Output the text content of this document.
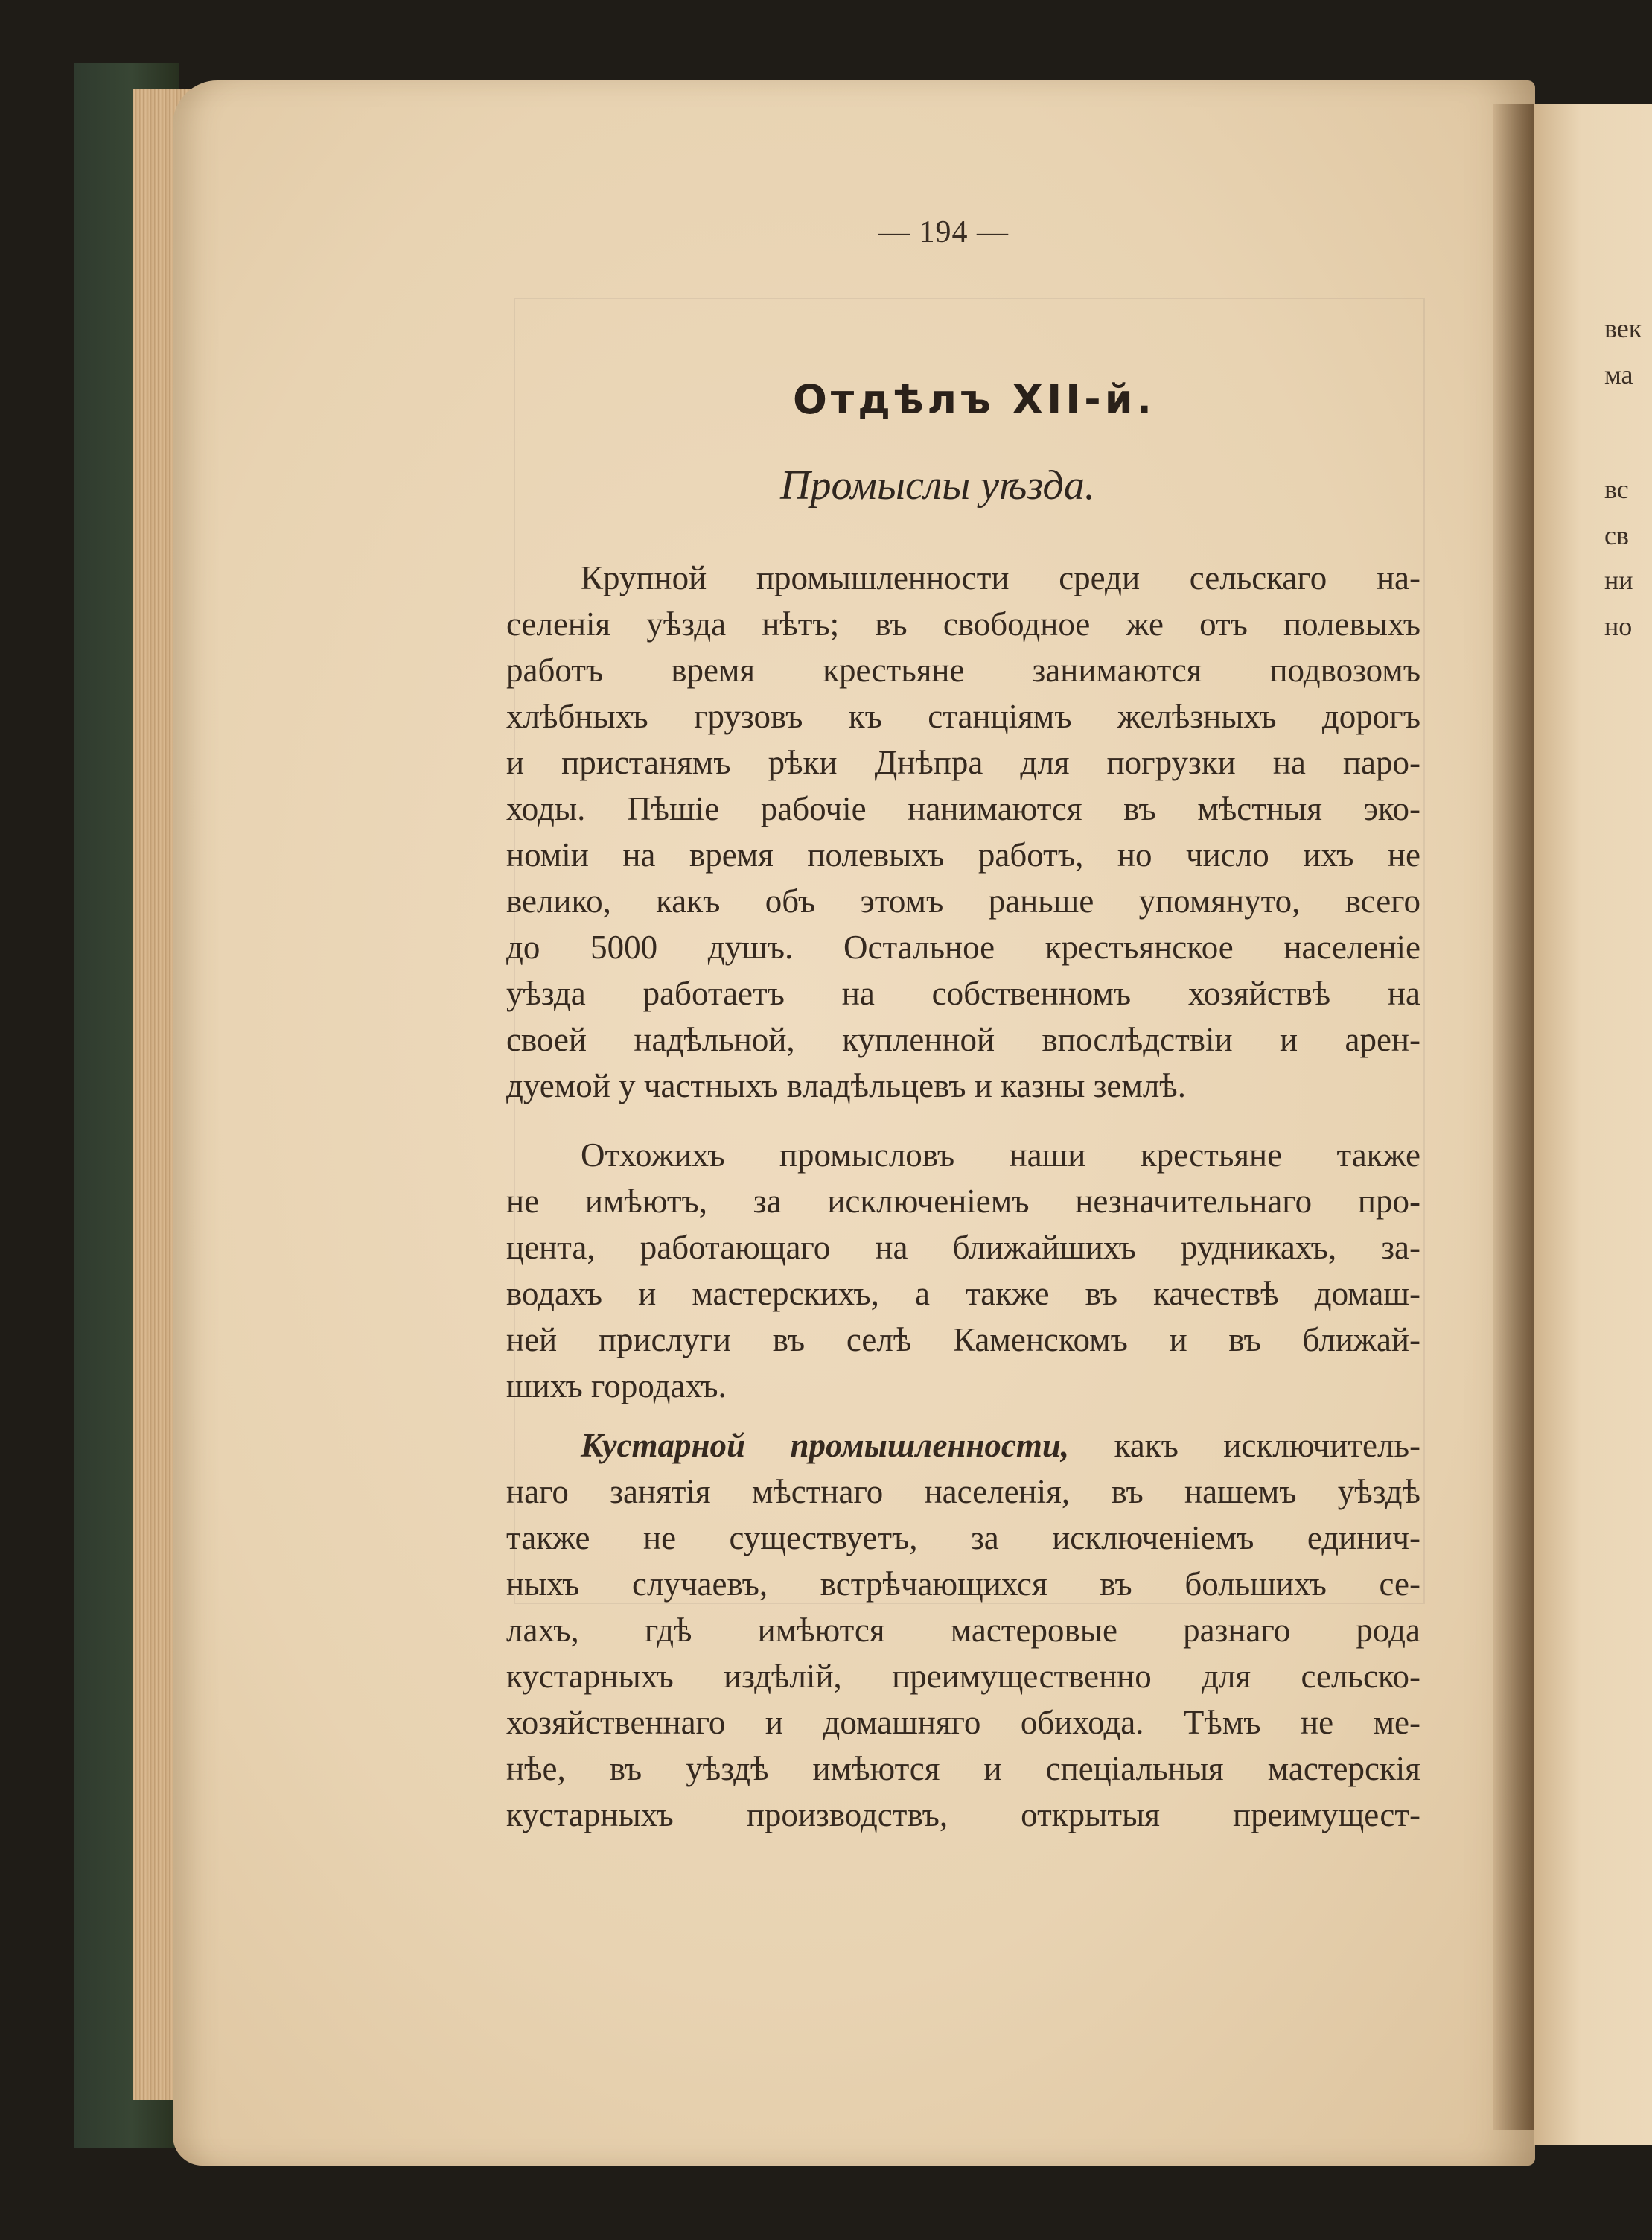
век
ма
вс
св
ни
но
— 194 —
Отдѣлъ XII-й.
Промыслы уѣзда.
Крупной промышленности среди сельскаго на-
селенія уѣзда нѣтъ; въ свободное же отъ полевыхъ
работъ время крестьяне занимаются подвозомъ
хлѣбныхъ грузовъ къ станціямъ желѣзныхъ дорогъ
и пристанямъ рѣки Днѣпра для погрузки на паро-
ходы. Пѣшіе рабочіе нанимаются въ мѣстныя эко-
номіи на время полевыхъ работъ, но число ихъ не
велико, какъ объ этомъ раньше упомянуто, всего
до 5000 душъ. Остальное крестьянское населеніе
уѣзда работаетъ на собственномъ хозяйствѣ на
своей надѣльной, купленной впослѣдствіи и арен-
дуемой у частныхъ владѣльцевъ и казны землѣ.
Отхожихъ промысловъ наши крестьяне также
не имѣютъ, за исключеніемъ незначительнаго про-
цента, работающаго на ближайшихъ рудникахъ, за-
водахъ и мастерскихъ, а также въ качествѣ домаш-
ней прислуги въ селѣ Каменскомъ и въ ближай-
шихъ городахъ.
Кустарной промышленности, какъ исключитель-
наго занятія мѣстнаго населенія, въ нашемъ уѣздѣ
также не существуетъ, за исключеніемъ единич-
ныхъ случаевъ, встрѣчающихся въ большихъ се-
лахъ, гдѣ имѣются мастеровые разнаго рода
кустарныхъ издѣлій, преимущественно для сельско-
хозяйственнаго и домашняго обихода. Тѣмъ не ме-
нѣе, въ уѣздѣ имѣются и спеціальныя мастерскія
кустарныхъ производствъ, открытыя преимущест-
